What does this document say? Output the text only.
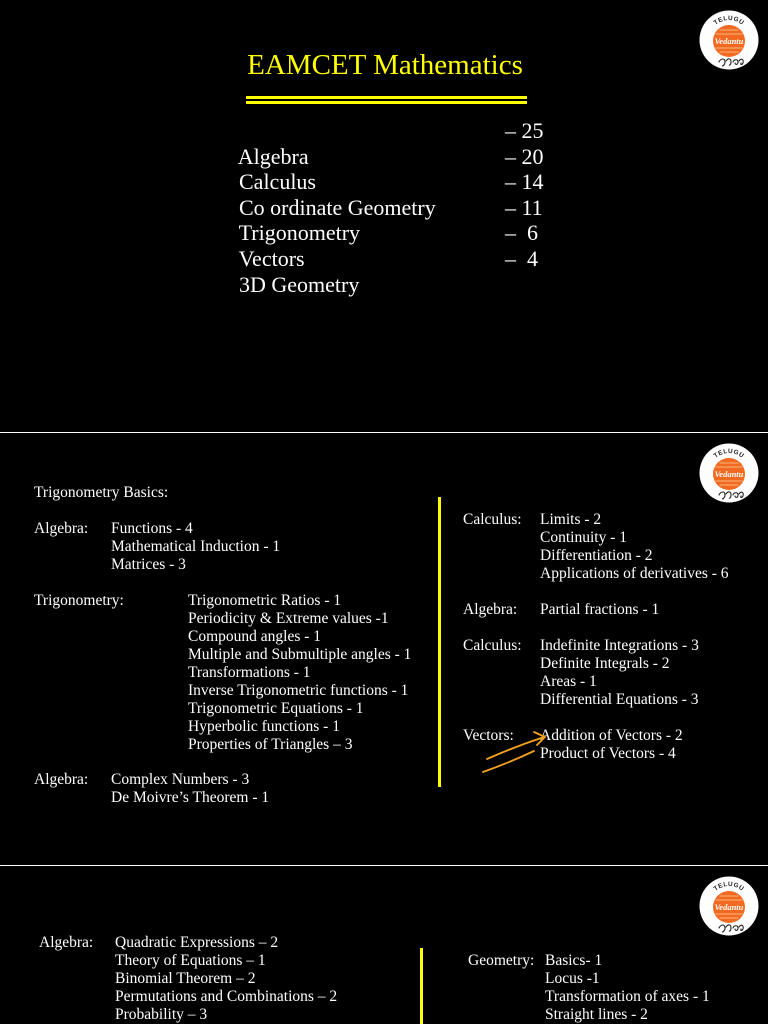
TELUGU
Vedantu
EAMCET Mathematics

Algebra

– 25

Calculus

– 20

Co ordinate Geometry

– 14

Trigonometry

– 11

Vectors

–  6

3D Geometry

–  4

TELUGU
Vedantu
Trigonometry Basics:
Algebra: Functions - 4
Mathematical Induction - 1
Matrices - 3
Trigonometry:	Trigonometric Ratios - 1
Periodicity & Extreme values -1
Compound angles - 1
Multiple and Submultiple angles - 1
Transformations - 1
Inverse Trigonometric functions - 1
Trigonometric Equations - 1
Hyperbolic functions - 1
Properties of Triangles – 3
Algebra: Complex Numbers - 3
De Moivre’s Theorem - 1
Calculus: Limits - 2
Continuity - 1
Differentiation - 2
Applications of derivatives - 6
Algebra: Partial fractions - 1
Calculus: Indefinite Integrations - 3
Definite Integrals - 2
Areas - 1
Differential Equations - 3
Vectors: Addition of Vectors - 2
Product of Vectors - 4
TELUGU
Vedantu
Algebra: Quadratic Expressions – 2
Theory of Equations – 1
Binomial Theorem – 2
Permutations and Combinations – 2
Probability – 3
Geometry: Basics- 1
Locus -1
Transformation of axes - 1
Straight lines - 2
